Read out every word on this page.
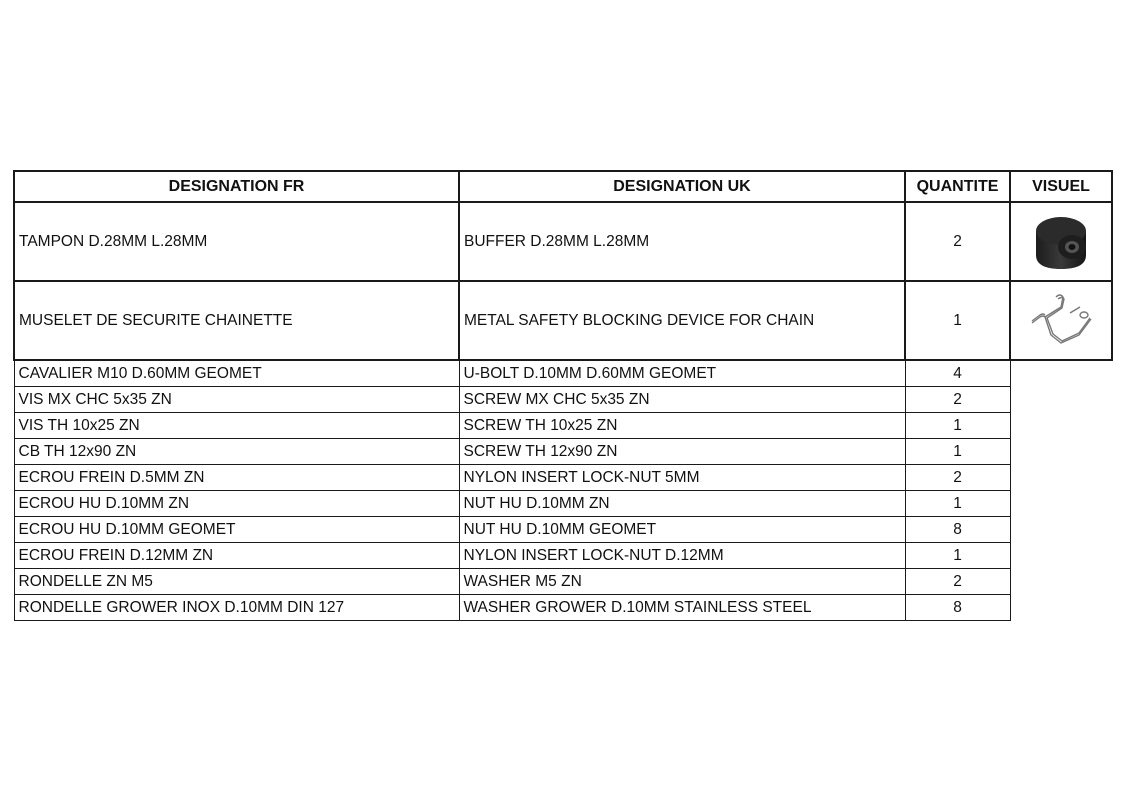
DESIGNATION FR	DESIGNATION UK	QUANTITE	VISUEL
TAMPON D.28MM L.28MM	BUFFER D.28MM L.28MM	2	

MUSELET DE SECURITE CHAINETTE	METAL SAFETY BLOCKING DEVICE FOR CHAIN	1	

CAVALIER M10 D.60MM GEOMET	U-BOLT D.10MM D.60MM GEOMET	4	
VIS MX CHC 5x35 ZN	SCREW MX CHC 5x35 ZN	2	
VIS TH 10x25 ZN	SCREW TH 10x25 ZN	1	
CB TH 12x90 ZN	SCREW TH 12x90 ZN	1	
ECROU FREIN D.5MM ZN	NYLON INSERT LOCK-NUT 5MM	2	
ECROU HU D.10MM ZN	NUT HU D.10MM ZN	1	
ECROU HU D.10MM GEOMET	NUT HU D.10MM GEOMET	8	
ECROU FREIN D.12MM ZN	NYLON INSERT LOCK-NUT D.12MM	1	
RONDELLE ZN M5	WASHER M5 ZN	2	
RONDELLE GROWER INOX D.10MM DIN 127	WASHER GROWER D.10MM STAINLESS STEEL	8	
